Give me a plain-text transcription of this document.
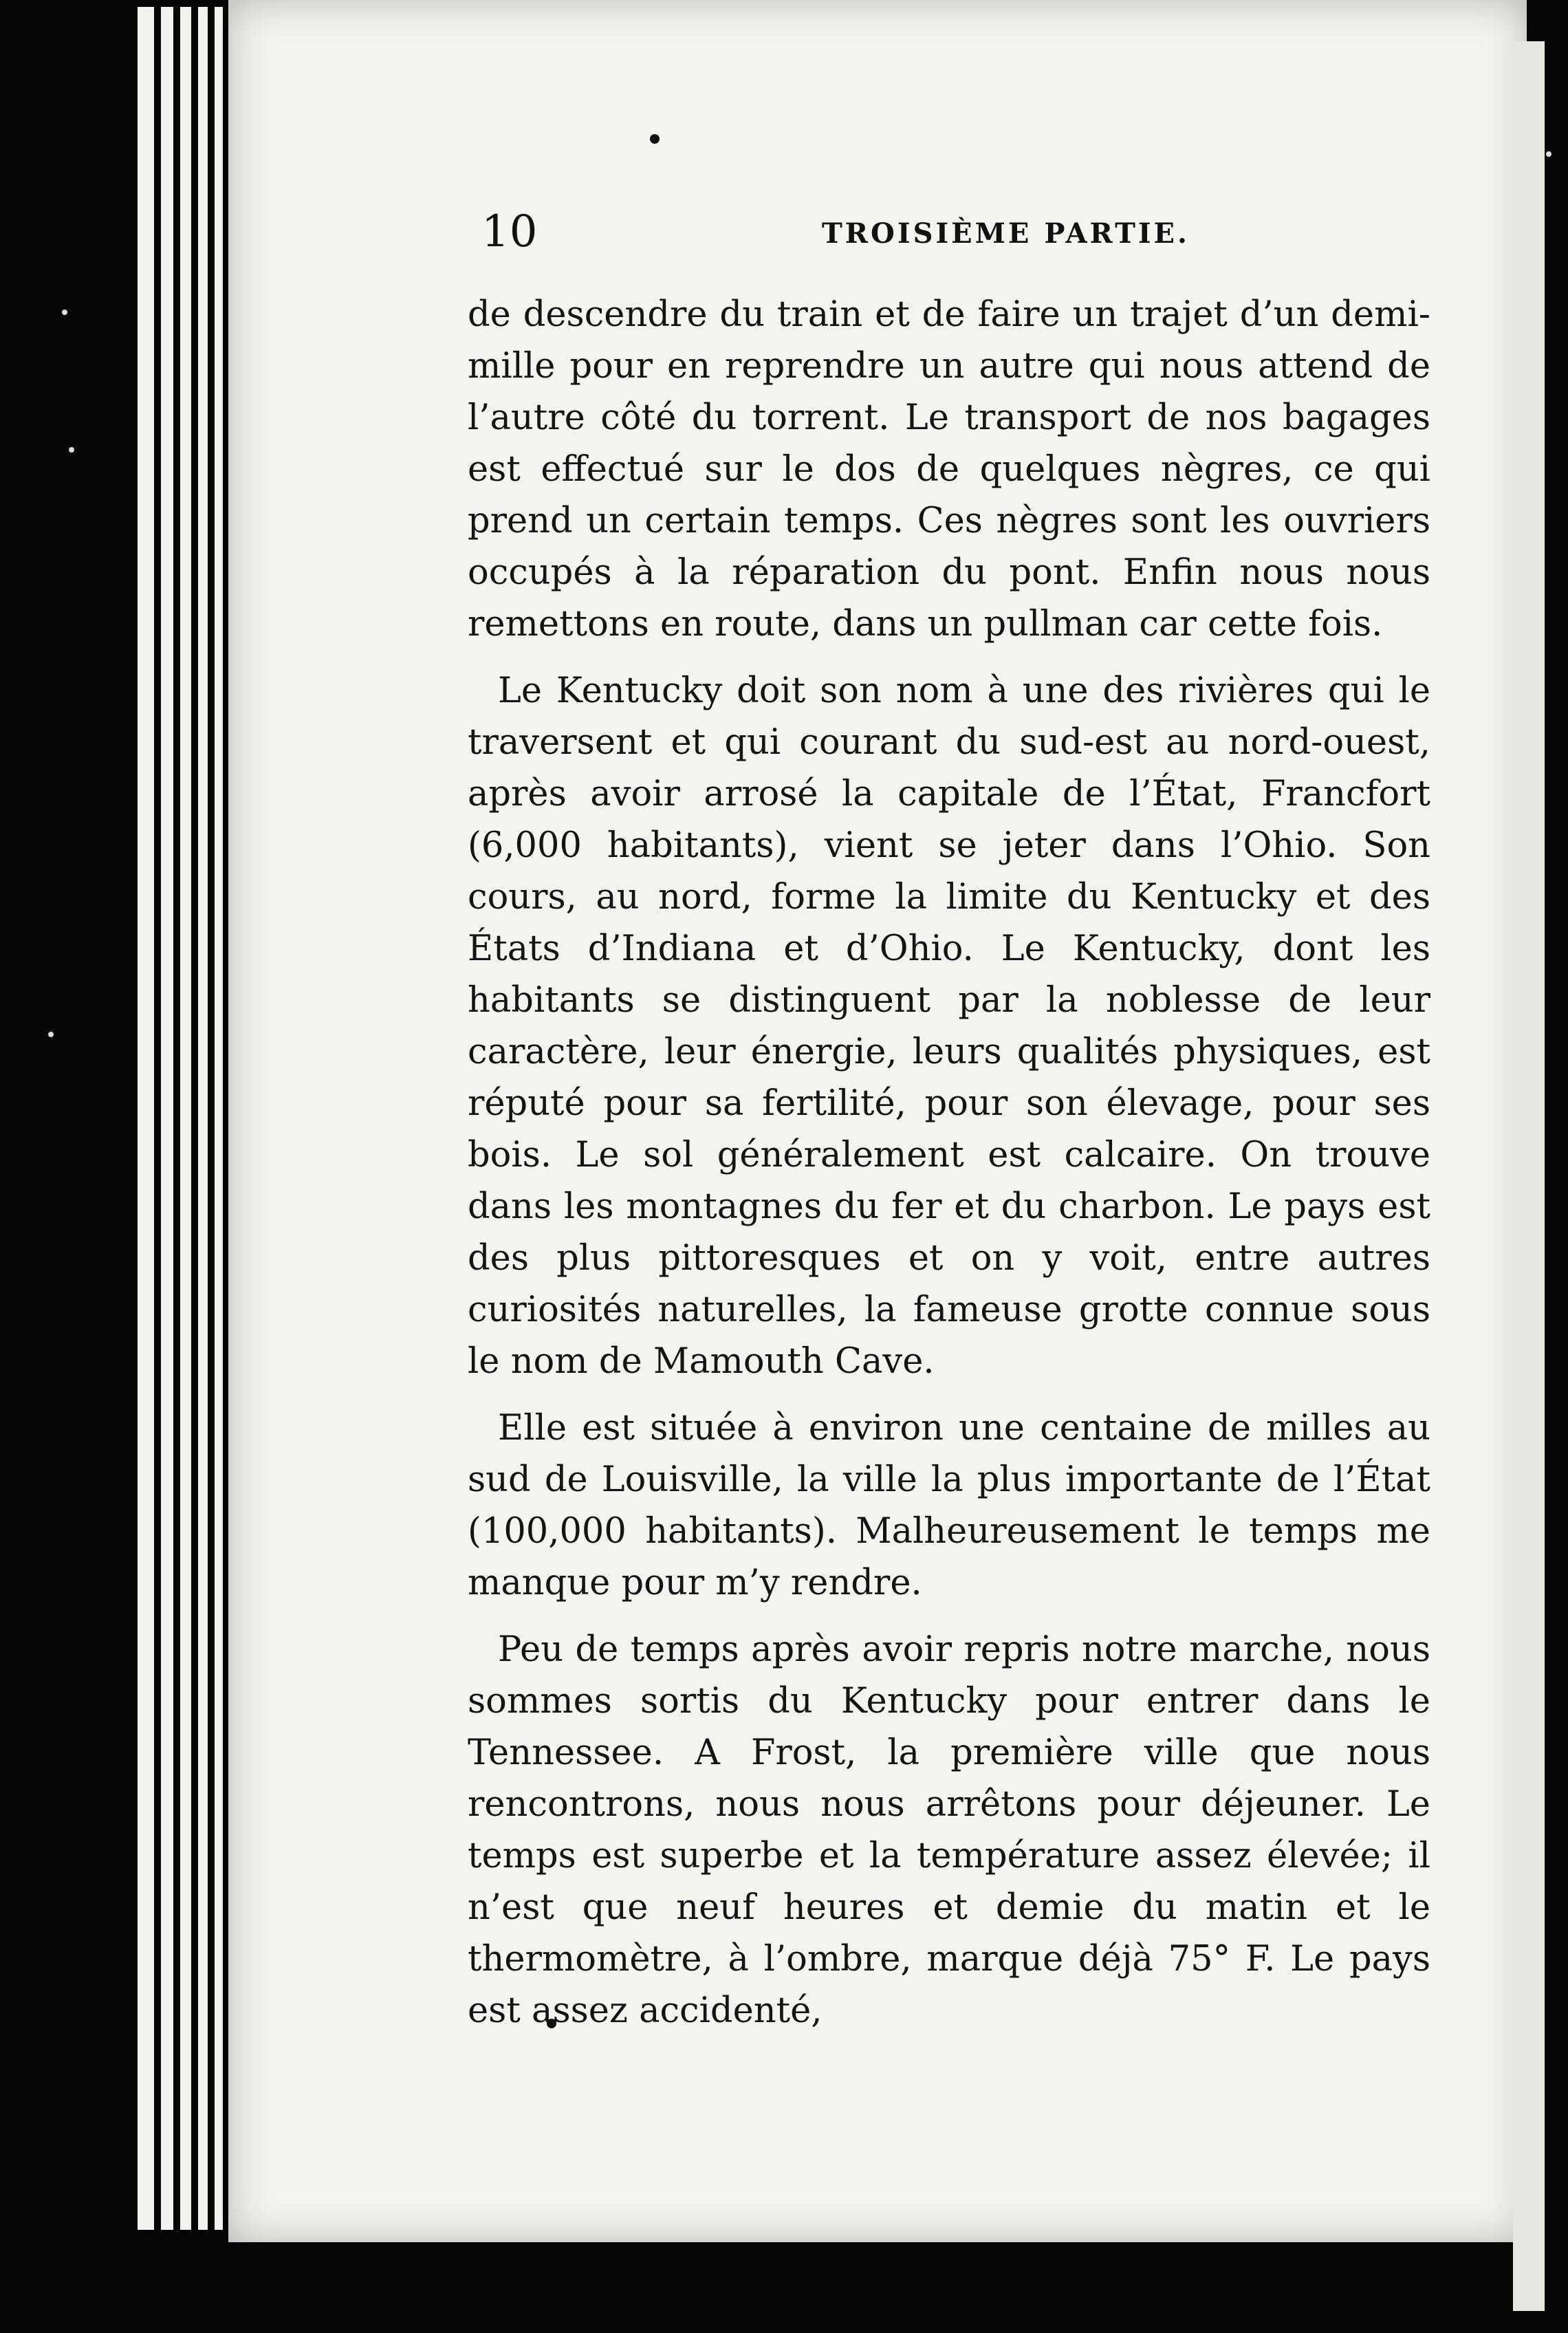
10	TROISIÈME PARTIE.

de descendre du train et de faire un trajet d’un demi-mille pour en reprendre un autre qui nous attend de l’autre côté du torrent. Le transport de nos bagages est effectué sur le dos de quelques nègres, ce qui prend un certain temps. Ces nègres sont les ouvriers occupés à la réparation du pont. Enfin nous nous remettons en route, dans un pullman car cette fois.

Le Kentucky doit son nom à une des rivières qui le traversent et qui courant du sud-est au nord-ouest, après avoir arrosé la capitale de l’État, Francfort (6,000 habitants), vient se jeter dans l’Ohio. Son cours, au nord, forme la limite du Kentucky et des États d’Indiana et d’Ohio. Le Kentucky, dont les habitants se distinguent par la noblesse de leur caractère, leur énergie, leurs qualités physiques, est réputé pour sa fertilité, pour son élevage, pour ses bois. Le sol généralement est calcaire. On trouve dans les montagnes du fer et du charbon. Le pays est des plus pittoresques et on y voit, entre autres curiosités naturelles, la fameuse grotte connue sous le nom de Mamouth Cave.

Elle est située à environ une centaine de milles au sud de Louisville, la ville la plus importante de l’État (100,000 habitants). Malheureusement le temps me manque pour m’y rendre.

Peu de temps après avoir repris notre marche, nous sommes sortis du Kentucky pour entrer dans le Tennessee. A Frost, la première ville que nous rencontrons, nous nous arrêtons pour déjeuner. Le temps est superbe et la température assez élevée; il n’est que neuf heures et demie du matin et le thermomètre, à l’ombre, marque déjà 75° F. Le pays est assez accidenté,
